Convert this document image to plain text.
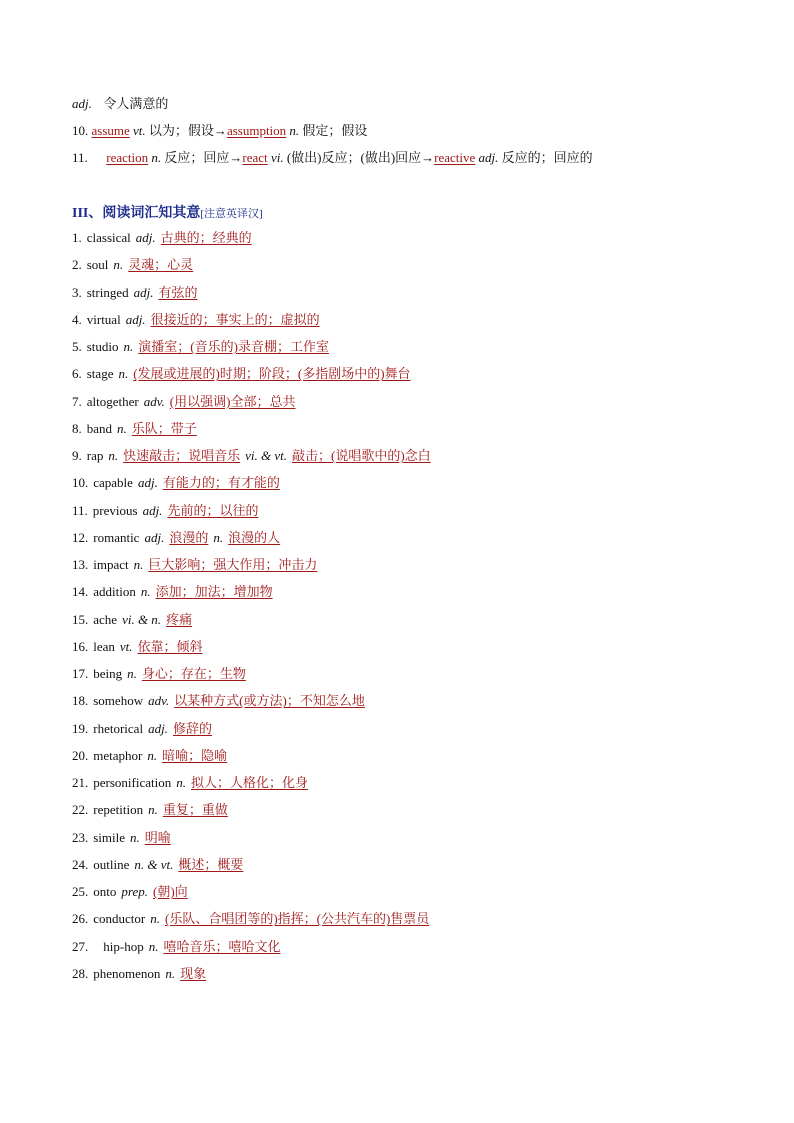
adj. 令人满意的
10. assume vt. 以为；假设→assumption n. 假定；假设
11. reaction n. 反应；回应→react vi. (做出)反应；(做出)回应→reactive adj. 反应的；回应的
III、阅读词汇知其意[注意英译汉]
1. classical adj. 古典的；经典的
2. soul n. 灵魂；心灵
3. stringed adj. 有弦的
4. virtual adj. 很接近的；事实上的；虚拟的
5. studio n. 演播室；(音乐的)录音棚；工作室
6. stage n. (发展或进展的)时期；阶段；(多指剧场中的)舞台
7. altogether adv. (用以强调)全部；总共
8. band n. 乐队；带子
9. rap n. 快速敲击；说唱音乐 vi. & vt. 敲击；(说唱歌中的)念白
10. capable adj. 有能力的；有才能的
11. previous adj. 先前的；以往的
12. romantic adj. 浪漫的 n. 浪漫的人
13. impact n. 巨大影响；强大作用；冲击力
14. addition n. 添加；加法；增加物
15. ache vi. & n. 疼痛
16. lean vt. 依靠；倾斜
17. being n. 身心；存在；生物
18. somehow adv. 以某种方式(或方法)；不知怎么地
19. rhetorical adj. 修辞的
20. metaphor n. 暗喻；隐喻
21. personification n. 拟人；人格化；化身
22. repetition n. 重复；重做
23. simile n. 明喻
24. outline n. & vt. 概述；概要
25. onto prep. (朝)向
26. conductor n. (乐队、合唱团等的)指挥；(公共汽车的)售票员
27. hip-hop n. 嘻哈音乐；嘻哈文化
28. phenomenon n. 现象
